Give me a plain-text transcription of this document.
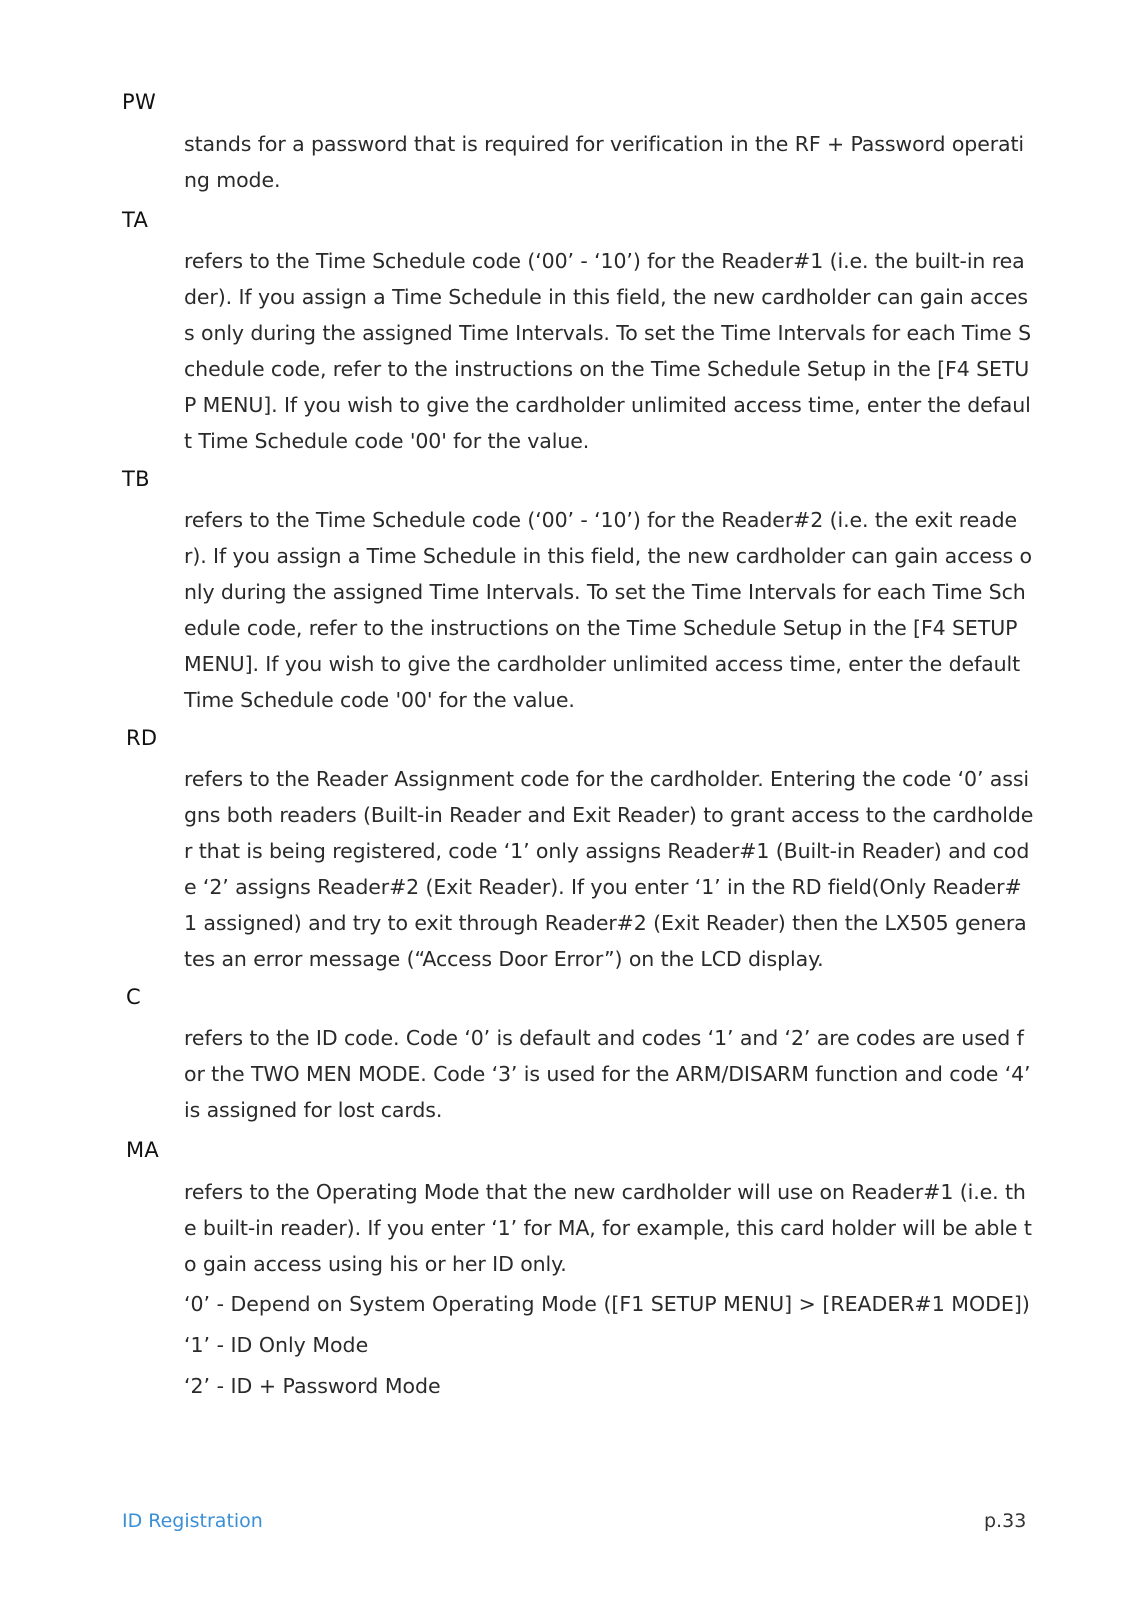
PW
stands for a password that is required for verification in the RF + Password operating mode.
TA
refers to the Time Schedule code (‘00’ - ‘10’) for the Reader#1 (i.e. the built-in reader). If you assign a Time Schedule in this field, the new cardholder can gain access only during the assigned Time Intervals. To set the Time Intervals for each Time Schedule code, refer to the instructions on the Time Schedule Setup in the [F4 SETUP MENU]. If you wish to give the cardholder unlimited access time, enter the default Time Schedule code '00' for the value.
TB
refers to the Time Schedule code (‘00’ - ‘10’) for the Reader#2 (i.e. the exit reader). If you assign a Time Schedule in this field, the new cardholder can gain access only during the assigned Time Intervals. To set the Time Intervals for each Time Schedule code, refer to the instructions on the Time Schedule Setup in the [F4 SETUP MENU]. If you wish to give the cardholder unlimited access time, enter the default Time Schedule code '00' for the value.
RD
refers to the Reader Assignment code for the cardholder. Entering the code ‘0’ assigns both readers (Built-in Reader and Exit Reader) to grant access to the cardholder that is being registered, code ‘1’ only assigns Reader#1 (Built-in Reader) and code ‘2’ assigns Reader#2 (Exit Reader). If you enter ‘1’ in the RD field(Only Reader#1 assigned) and try to exit through Reader#2 (Exit Reader) then the LX505 generates an error message (“Access Door Error”) on the LCD display.
C
refers to the ID code. Code ‘0’ is default and codes ‘1’ and ‘2’ are codes are used for the TWO MEN MODE. Code ‘3’ is used for the ARM/DISARM function and code ‘4’ is assigned for lost cards.
MA
refers to the Operating Mode that the new cardholder will use on Reader#1 (i.e. the built-in reader). If you enter ‘1’ for MA, for example, this card holder will be able to gain access using his or her ID only.
‘0’ - Depend on System Operating Mode ([F1 SETUP MENU] > [READER#1 MODE])
‘1’ - ID Only Mode
‘2’ - ID + Password Mode
ID Registration	p.33
